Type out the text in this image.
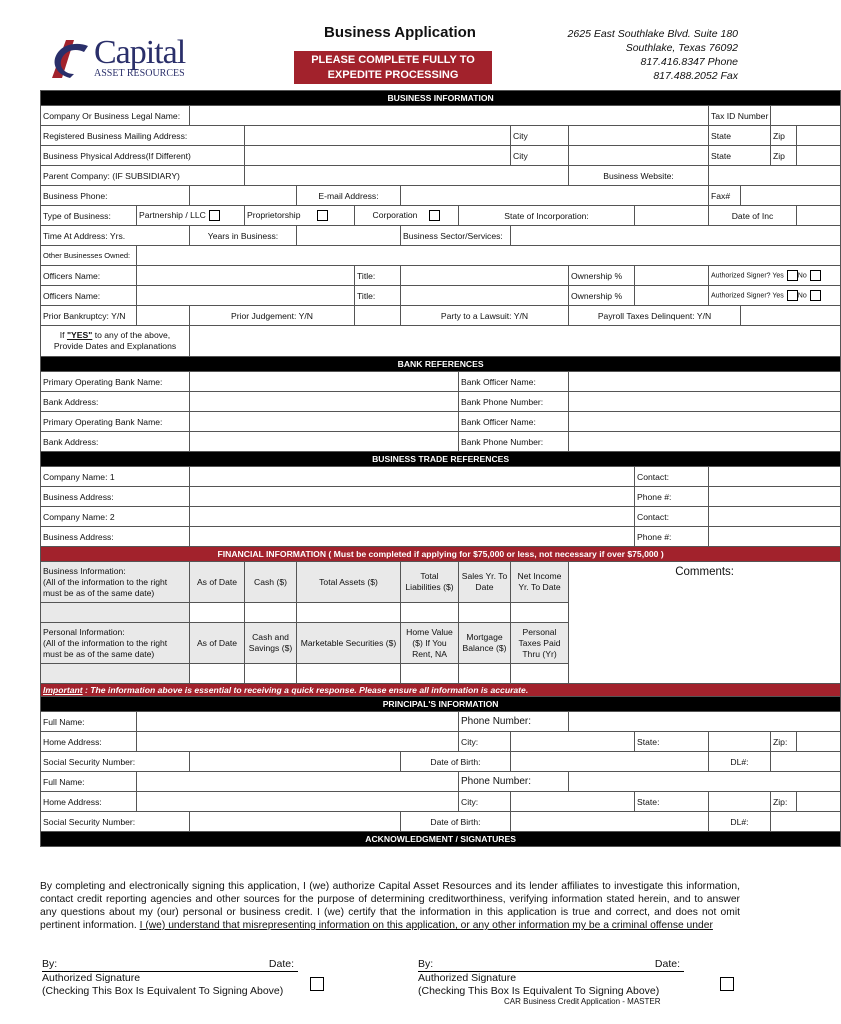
Capital
ASSET RESOURCES
Business Application
PLEASE COMPLETE FULLY TO
EXPEDITE PROCESSING
2625 East Southlake Blvd. Suite 180
Southlake, Texas 76092
817.416.8347 Phone
817.488.2052 Fax
BUSINESS INFORMATION														
Company Or Business Legal Name:											Tax ID Number			
Registered Business Mailing Address:								City			State		Zip	
Business Physical Address(If Different)								City			State		Zip	
Parent Company: (IF SUBSIDIARY)									Business Website:					
Business Phone:				E-mail Address:							Fax#			
Type of Business:	Partnership / LLC		Proprietorship		Corporation		State of Incorporation:				Date of Inc			
Time At Address: Yrs.		Years in Business:				Business Sector/Services:								
Other Businesses Owned:														
Officers Name:					Title:				Ownership %		Authorized Signer? Yes No			
Officers Name:					Title:				Ownership %		Authorized Signer? Yes No			
Prior Bankruptcy: Y/N		Prior Judgement: Y/N				Party to a Lawsuit: Y/N			Payroll Taxes Delinquent: Y/N					

If "YES" to any of the above,
Provide Dates and Explanations														

BANK REFERENCES														
Primary Operating Bank Name:							Bank Officer Name:							
Bank Address:							Bank Phone Number:							
Primary Operating Bank Name:							Bank Officer Name:							
Bank Address:							Bank Phone Number:							
BUSINESS TRADE REFERENCES														
Company Name: 1										Contact:				
Business Address:										Phone #:				
Company Name: 2										Contact:				
Business Address:										Phone #:				
FINANCIAL INFORMATION ( Must be completed if applying for $75,000 or less, not necessary if over $75,000 )														

Business Information:
(All of the information to the right must be as of the same date)		As of Date	Cash ($)	Total Assets ($)		Total Liabilities ($)	Sales Yr. To Date	Net Income Yr. To Date	Comments:					

Personal Information:
(All of the information to the right must be as of the same date)		As of Date	Cash and Savings ($)	Marketable Securities ($)		Home Value ($) If You Rent, NA	Mortgage Balance ($)	Personal Taxes Paid Thru (Yr)						

Important : The information above is essential to receiving a quick response. Please ensure all information is accurate.														
PRINCIPAL'S INFORMATION														
Full Name:							Phone Number:							
Home Address:							City:			State:			Zip:	
Social Security Number:						Date of Birth:					DL#:			
Full Name:							Phone Number:							
Home Address:							City:			State:			Zip:	
Social Security Number:						Date of Birth:					DL#:			
ACKNOWLEDGMENT / SIGNATURES														
By completing and electronically signing this application, I (we) authorize Capital Asset Resources and its lender affiliates to investigate this information, contact credit reporting agencies and other sources for the purpose of determining creditworthiness, verifying information stated herein, and to answer any questions about my (our) personal or business credit. I (we) certify that the information in this application is true and correct, and does not omit pertinent information. I (we) understand that misrepresenting information on this application, or any other information my be a criminal offense under
By:	Date:
Authorized Signature
(Checking This Box Is Equivalent To Signing Above)
By:	Date:
Authorized Signature
(Checking This Box Is Equivalent To Signing Above)
CAR Business Credit Application - MASTER
